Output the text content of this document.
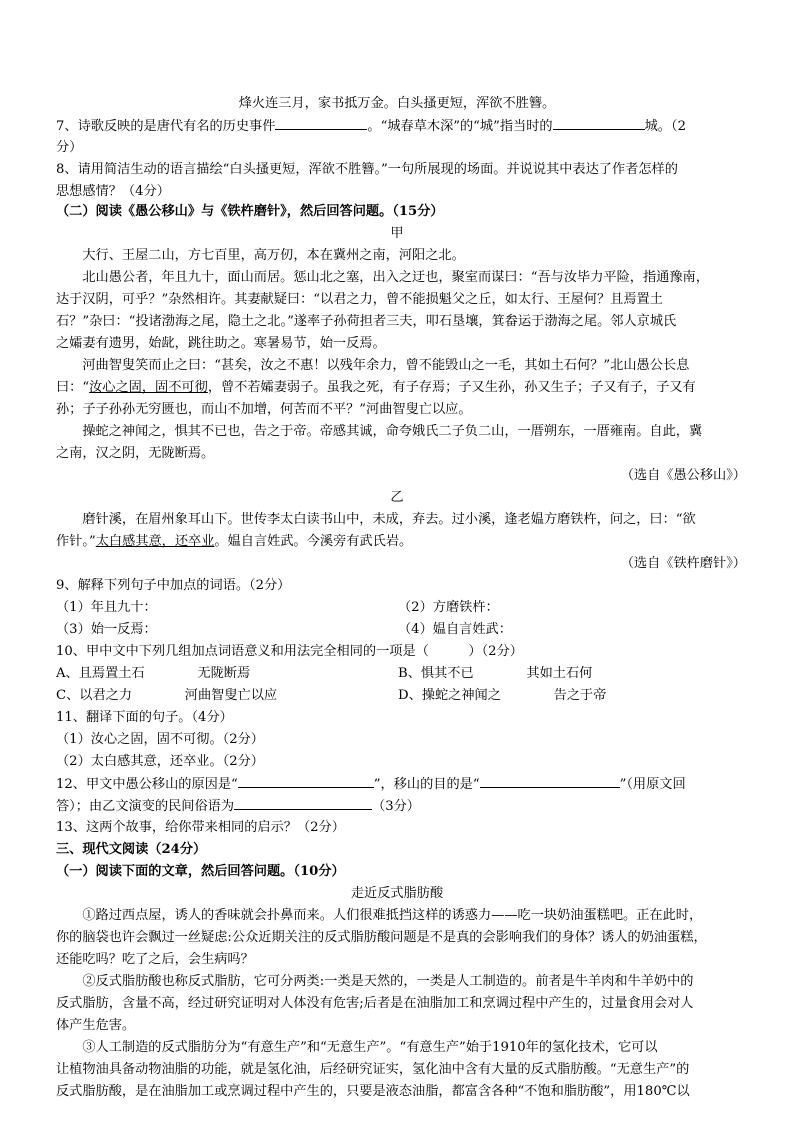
烽火连三月，家书抵万金。白头搔更短，浑欲不胜簪。
7、诗歌反映的是唐代有名的历史事件	。“城春草木深”的“城”指当时的	城。（2
分）
8、请用简洁生动的语言描绘“白头搔更短，浑欲不胜簪。”一句所展现的场面。并说说其中表达了作者怎样的
思想感情？（4分）
（二）阅读《愚公移山》与《铁杵磨针》，然后回答问题。（15分）
甲
　　大行、王屋二山，方七百里，高万仞，本在冀州之南，河阳之北。
　　北山愚公者，年且九十，面山而居。惩山北之塞，出入之迂也，聚室而谋曰：“吾与汝毕力平险，指通豫南，
达于汉阴，可乎？”杂然相许。其妻献疑曰：“以君之力，曾不能损魁父之丘，如太行、王屋何？且焉置土
石？”杂曰：“投诸渤海之尾，隐土之北。”遂率子孙荷担者三夫，叩石垦壤，箕畚运于渤海之尾。邻人京城氏
之孀妻有遗男，始龀，跳往助之。寒暑易节，始一反焉。
　　河曲智叟笑而止之曰：“甚矣，汝之不惠！以残年余力，曾不能毁山之一毛，其如土石何？”北山愚公长息
曰：“汝心之固，固不可彻，曾不若孀妻弱子。虽我之死，有子存焉；子又生孙，孙又生子；子又有子，子又有
孙；子子孙孙无穷匮也，而山不加增，何苦而不平？”河曲智叟亡以应。
　　操蛇之神闻之，惧其不已也，告之于帝。帝感其诚，命夸娥氏二子负二山，一厝朔东，一厝雍南。自此，冀
之南，汉之阴，无陇断焉。
（选自《愚公移山》）
乙
　　磨针溪，在眉州象耳山下。世传李太白读书山中，未成，弃去。过小溪，逢老媪方磨铁杵，问之，曰：“欲
作针。”太白感其意，还卒业。媪自言姓武。今溪旁有武氏岩。
（选自《铁杵磨针》）
9、解释下列句子中加点的词语。（2分）
（1）年且九十：	（2）方磨铁杵：
（3）始一反焉：	（4）媪自言姓武：
10、甲中文中下列几组加点词语意义和用法完全相同的一项是（　　　）（2分）
A、且焉置土石　　　　无陇断焉	B、惧其不已　　　　其如土石何
C、以君之力　　　　河曲智叟亡以应	D、操蛇之神闻之　　　　告之于帝
11、翻译下面的句子。（4分）
（1）汝心之固，固不可彻。（2分）
（2）太白感其意，还卒业。（2分）
12、甲文中愚公移山的原因是“	”，移山的目的是“	”（用原文回
答）；由乙文演变的民间俗语为	（3分）
13、这两个故事，给你带来相同的启示？（2分）
三、现代文阅读（24分）
（一）阅读下面的文章，然后回答问题。（10分）
走近反式脂肪酸
　　①路过西点屋，诱人的香味就会扑鼻而来。人们很难抵挡这样的诱惑力——吃一块奶油蛋糕吧。正在此时，
你的脑袋也许会飘过一丝疑虑:公众近期关注的反式脂肪酸问题是不是真的会影响我们的身体？诱人的奶油蛋糕，
还能吃吗？吃了之后，会生病吗？
　　②反式脂肪酸也称反式脂肪，它可分两类:一类是天然的，一类是人工制造的。前者是牛羊肉和牛羊奶中的
反式脂肪，含量不高，经过研究证明对人体没有危害;后者是在油脂加工和烹调过程中产生的，过量食用会对人
体产生危害。
　　③人工制造的反式脂肪分为“有意生产”和“无意生产”。“有意生产”始于1910年的氢化技术，它可以
让植物油具备动物油脂的功能，就是氢化油，后经研究证实，氢化油中含有大量的反式脂肪酸。“无意生产”的
反式脂肪酸，是在油脂加工或烹调过程中产生的，只要是液态油脂，都富含各种“不饱和脂肪酸”，用180℃以
